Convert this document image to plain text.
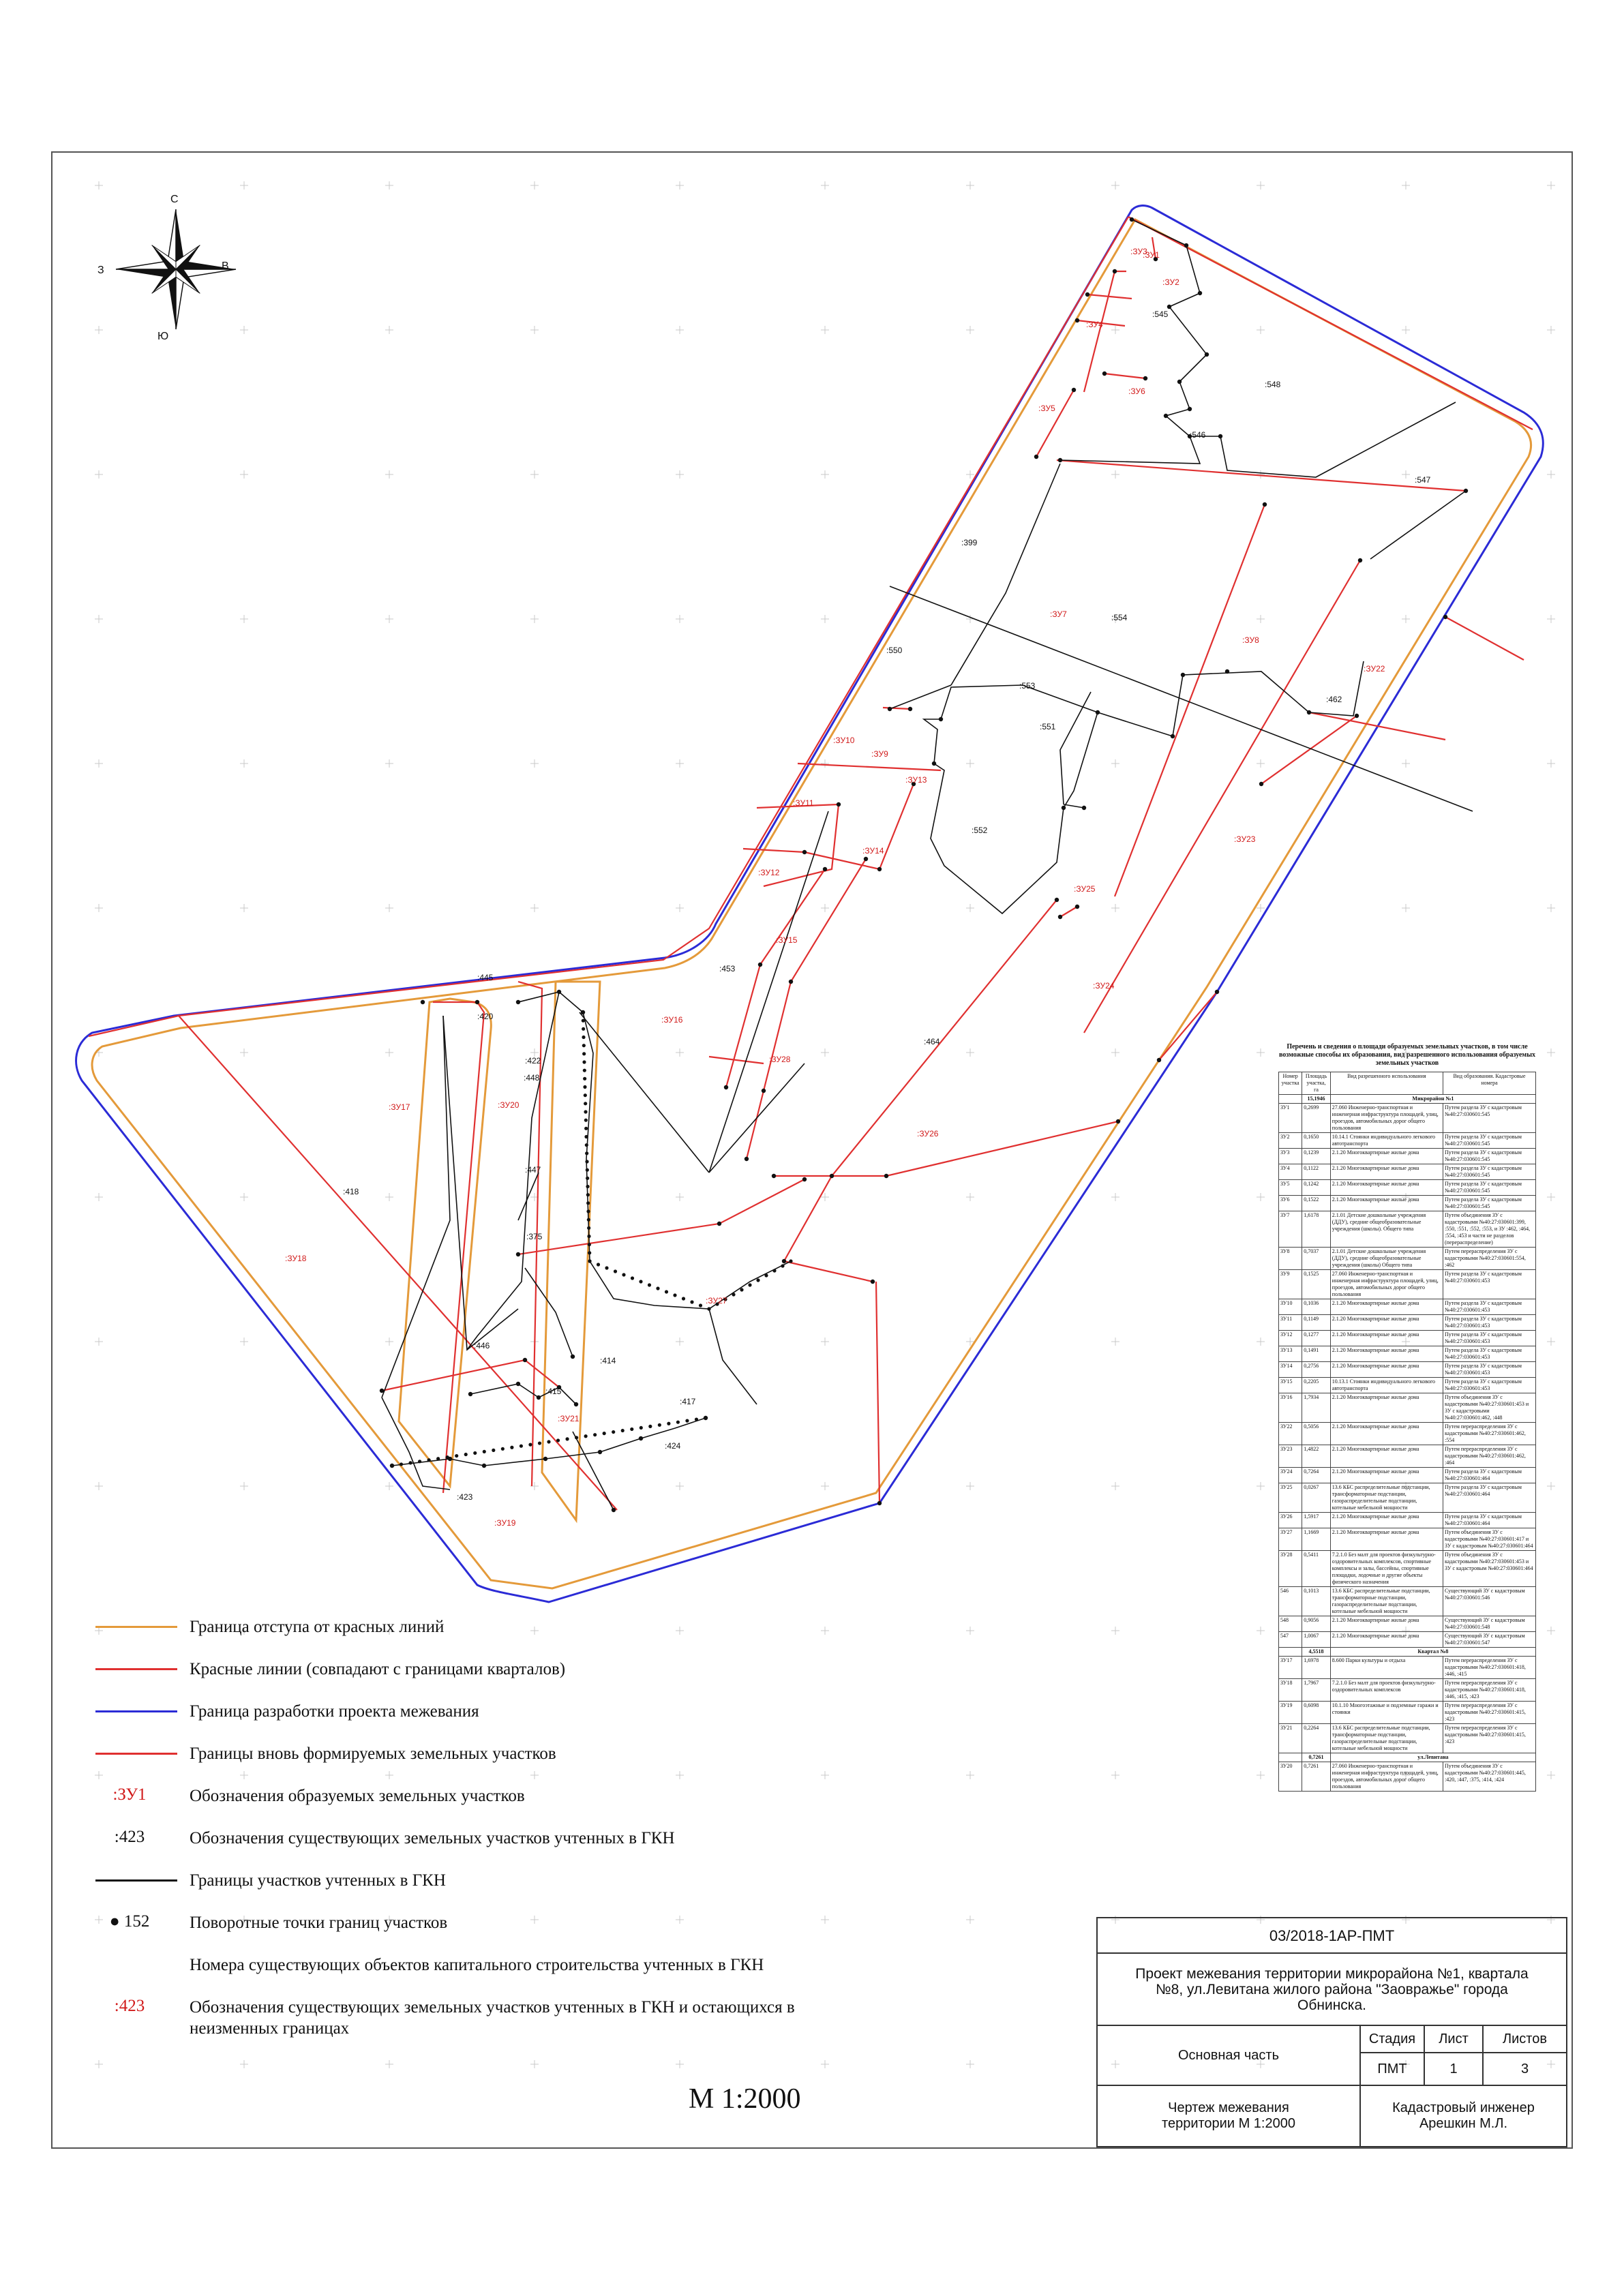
:ЗУ1
:ЗУ2
:ЗУ3
:ЗУ4
:ЗУ5
:ЗУ6
:ЗУ7
:ЗУ8
:ЗУ9
:ЗУ10
:ЗУ11
:ЗУ12
:ЗУ13
:ЗУ14
:ЗУ15
:ЗУ16
:ЗУ17
:ЗУ18
:ЗУ19
:ЗУ20
:ЗУ21
:ЗУ22
:ЗУ23
:ЗУ24
:ЗУ25
:ЗУ26
:ЗУ27
:ЗУ28
:546
:548
:547
:545
:399
:554
:550
:553
:551
:552
:462
:453
:464
:445
:420
:422
:448
:447
:418
:375
:446
:414
:417
:415
:424
:423
С
Ю
З	В
Граница отступа от красных линий
Красные линии (совпадают с границами кварталов)
Граница разработки проекта межевания
Границы вновь формируемых земельных участков
:ЗУ1	Обозначения образуемых земельных участков
:423	Обозначения существующих земельных участков учтенных в ГКН
Границы участков учтенных в ГКН
● 152	Поворотные точки границ участков
Номера существующих объектов капитального строительства учтенных в ГКН
:423	Обозначения существующих земельных участков учтенных в ГКН и остающихся в неизменных границах
М 1:2000
Перечень и сведения о площади образуемых земельных участков, в том числе возможные способы их образования, вид разрешенного использования образуемых земельных участков
Номер участка	Площадь участка, га	Вид разрешенного использования	Вид образования. Кадастровые номера
	15,1946	Микрорайон №1	
ЗУ1	0,2699	27.060 Инженерно-транспортная и инженерная инфраструктура площадей, улиц, проездов, автомобильных дорог общего пользования	Путем раздела ЗУ с кадастровым №40:27:030601:545
ЗУ2	0,1650	10.14.1 Стоянки индивидуального легкового автотранспорта	Путем раздела ЗУ с кадастровым №40:27:030601:545
ЗУ3	0,1239	2.1.20 Многоквартирные жилые дома	Путем раздела ЗУ с кадастровым №40:27:030601:545
ЗУ4	0,1122	2.1.20 Многоквартирные жилые дома	Путем раздела ЗУ с кадастровым №40:27:030601:545
ЗУ5	0,1242	2.1.20 Многоквартирные жилые дома	Путем раздела ЗУ с кадастровым №40:27:030601:545
ЗУ6	0,1522	2.1.20 Многоквартирные жилые дома	Путем раздела ЗУ с кадастровым №40:27:030601:545
ЗУ7	1,6178	2.1.01 Детские дошкольные учреждения (ДДУ), средние общеобразовательные учреждения (школы). Общего типа	Путем объединения ЗУ с кадастровыми №40:27:030601:399, :550, :551, :552, :553, и ЗУ :462, :464, :554, :453 и части не разделов (перераспределение)
ЗУ8	0,7037	2.1.01 Детские дошкольные учреждения (ДДУ), средние общеобразовательные учреждения (школы) Общего типа	Путем перераспределения ЗУ с кадастровыми №40:27:030601:554, :462
ЗУ9	0,1525	27.060 Инженерно-транспортная и инженерная инфраструктура площадей, улиц, проездов, автомобильных дорог общего пользования	Путем раздела ЗУ с кадастровым №40:27:030601:453
ЗУ10	0,1036	2.1.20 Многоквартирные жилые дома	Путем раздела ЗУ с кадастровым №40:27:030601:453
ЗУ11	0,1149	2.1.20 Многоквартирные жилые дома	Путем раздела ЗУ с кадастровым №40:27:030601:453
ЗУ12	0,1277	2.1.20 Многоквартирные жилые дома	Путем раздела ЗУ с кадастровым №40:27:030601:453
ЗУ13	0,1491	2.1.20 Многоквартирные жилые дома	Путем раздела ЗУ с кадастровым №40:27:030601:453
ЗУ14	0,2756	2.1.20 Многоквартирные жилые дома	Путем раздела ЗУ с кадастровым №40:27:030601:453
ЗУ15	0,2205	10.13.1 Стоянки индивидуального легкового автотранспорта	Путем раздела ЗУ с кадастровым №40:27:030601:453
ЗУ16	1,7934	2.1.20 Многоквартирные жилые дома	Путем объединения ЗУ с кадастровыми №40:27:030601:453 и ЗУ с кадастровыми №40:27:030601:462, :448
ЗУ22	0,5056	2.1.20 Многоквартирные жилые дома	Путем перераспределения ЗУ с кадастровыми №40:27:030601:462, :554
ЗУ23	1,4822	2.1.20 Многоквартирные жилые дома	Путем перераспределения ЗУ с кадастровыми №40:27:030601:462, :464
ЗУ24	0,7264	2.1.20 Многоквартирные жилые дома	Путем раздела ЗУ с кадастровым №40:27:030601:464
ЗУ25	0,0267	13.6 КБС распределительные подстанции, трансформаторные подстанции, газораспределительные подстанции, котельные мебельной мощности	Путем раздела ЗУ с кадастровым №40:27:030601:464
ЗУ26	1,5917	2.1.20 Многоквартирные жилые дома	Путем раздела ЗУ с кадастровым №40:27:030601:464
ЗУ27	1,1669	2.1.20 Многоквартирные жилые дома	Путем объединения ЗУ с кадастровыми №40:27:030601:417 и ЗУ с кадастровым №40:27:030601:464
ЗУ28	0,5411	7.2.1.0 Без малт для проектов физкультурно-оздоровительных комплексов, спортивные комплексы и залы, бассейны, спортивные площадки, лодочные и другие объекты физического назначения	Путем объединения ЗУ с кадастровыми №40:27:030601:453 и ЗУ с кадастровым №40:27:030601:464
546	0,1013	13.6 КБС распределительные подстанции, трансформаторные подстанции, газораспределительные подстанции, котельные мебельной мощности	Существующий ЗУ с кадастровым №40:27:030601:546
548	0,9056	2.1.20 Многоквартирные жилые дома	Существующий ЗУ с кадастровым №40:27:030601:548
547	1,0067	2.1.20 Многоквартирные жилые дома	Существующий ЗУ с кадастровым №40:27:030601:547
	4,5518	Квартал №8	
ЗУ17	1,6978	8.600 Парки культуры и отдыха	Путем перераспределения ЗУ с кадастровыми №40:27:030601:418, :446, :415
ЗУ18	1,7967	7.2.1.0 Без малт для проектов физкультурно-оздоровительных комплексов	Путем перераспределения ЗУ с кадастровыми №40:27:030601:418, :446, :415, :423
ЗУ19	0,6098	10.1.10 Многоэтажные и подземные гаражи и стоянки	Путем перераспределения ЗУ с кадастровыми №40:27:030601:415, :423
ЗУ21	0,2264	13.6 КБС распределительные подстанции, трансформаторные подстанции, газораспределительные подстанции, котельные мебельной мощности	Путем перераспределения ЗУ с кадастровыми №40:27:030601:415, :423
	0,7261	ул.Левитана	
ЗУ20	0,7261	27.060 Инженерно-транспортная и инженерная инфраструктура площадей, улиц, проездов, автомобильных дорог общего пользования	Путем объединения ЗУ с кадастровыми №40:27:030601:445, :420, :447, :375, :414, :424
03/2018-1АР-ПМТ
Проект межевания территории микрорайона №1, квартала №8, ул.Левитана жилого района "Заовражье" города Обнинска.
Основная часть
Стадия	Лист	Листов
ПМТ	1	3
Чертеж межевания территории М 1:2000
Кадастровый инженер
Арешкин М.Л.
